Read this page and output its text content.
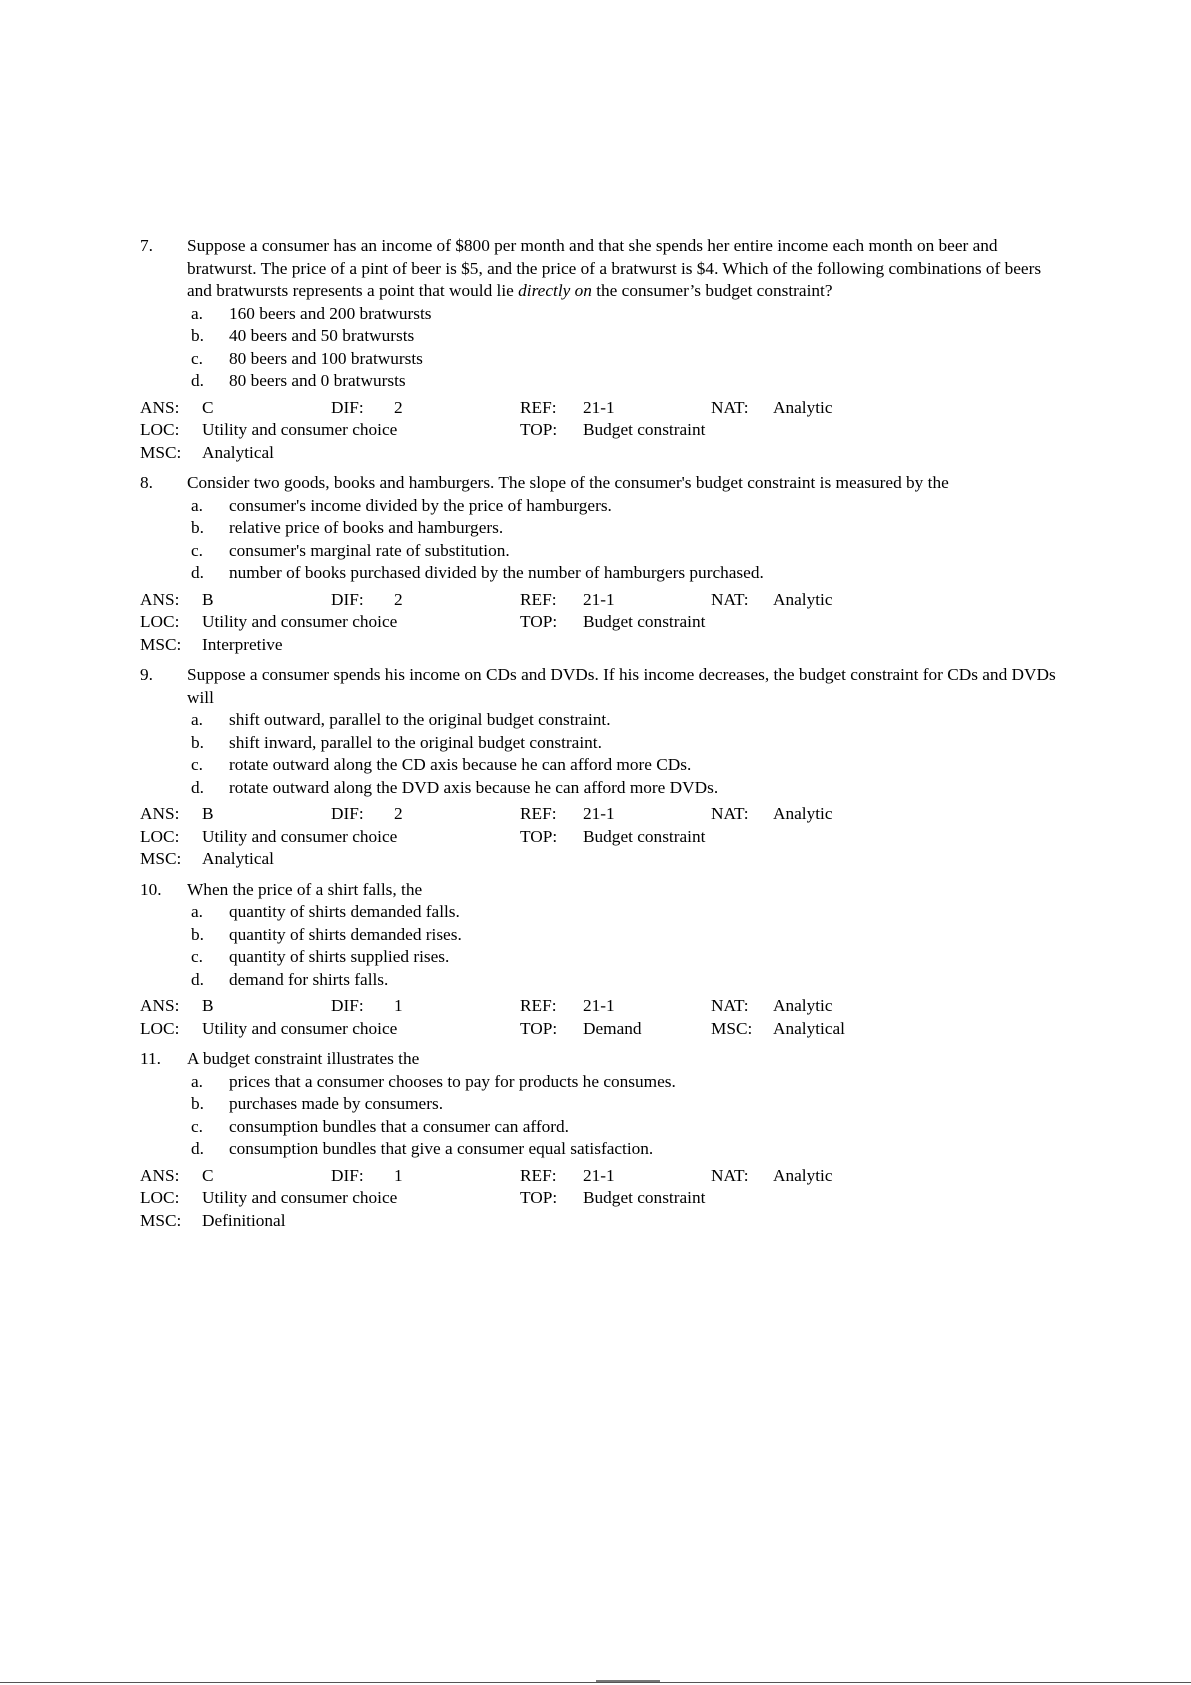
7. Suppose a consumer has an income of $800 per month and that she spends her entire income each month on beer and bratwurst. The price of a pint of beer is $5, and the price of a bratwurst is $4. Which of the following combinations of beers and bratwursts represents a point that would lie directly on the consumer’s budget constraint?
a. 160 beers and 200 bratwursts
b. 40 beers and 50 bratwursts
c. 80 beers and 100 bratwursts
d. 80 beers and 0 bratwursts
ANS: C	DIF: 2	REF: 21-1	NAT: Analytic
LOC: Utility and consumer choice	TOP: Budget constraint
MSC: Analytical
8. Consider two goods, books and hamburgers. The slope of the consumer's budget constraint is measured by the
a. consumer's income divided by the price of hamburgers.
b. relative price of books and hamburgers.
c. consumer's marginal rate of substitution.
d. number of books purchased divided by the number of hamburgers purchased.
ANS: B	DIF: 2	REF: 21-1	NAT: Analytic
LOC: Utility and consumer choice	TOP: Budget constraint
MSC: Interpretive
9. Suppose a consumer spends his income on CDs and DVDs. If his income decreases, the budget constraint for CDs and DVDs will
a. shift outward, parallel to the original budget constraint.
b. shift inward, parallel to the original budget constraint.
c. rotate outward along the CD axis because he can afford more CDs.
d. rotate outward along the DVD axis because he can afford more DVDs.
ANS: B	DIF: 2	REF: 21-1	NAT: Analytic
LOC: Utility and consumer choice	TOP: Budget constraint
MSC: Analytical
10. When the price of a shirt falls, the
a. quantity of shirts demanded falls.
b. quantity of shirts demanded rises.
c. quantity of shirts supplied rises.
d. demand for shirts falls.
ANS: B	DIF: 1	REF: 21-1	NAT: Analytic
LOC: Utility and consumer choice	TOP: Demand	MSC: Analytical
11. A budget constraint illustrates the
a. prices that a consumer chooses to pay for products he consumes.
b. purchases made by consumers.
c. consumption bundles that a consumer can afford.
d. consumption bundles that give a consumer equal satisfaction.
ANS: C	DIF: 1	REF: 21-1	NAT: Analytic
LOC: Utility and consumer choice	TOP: Budget constraint
MSC: Definitional
